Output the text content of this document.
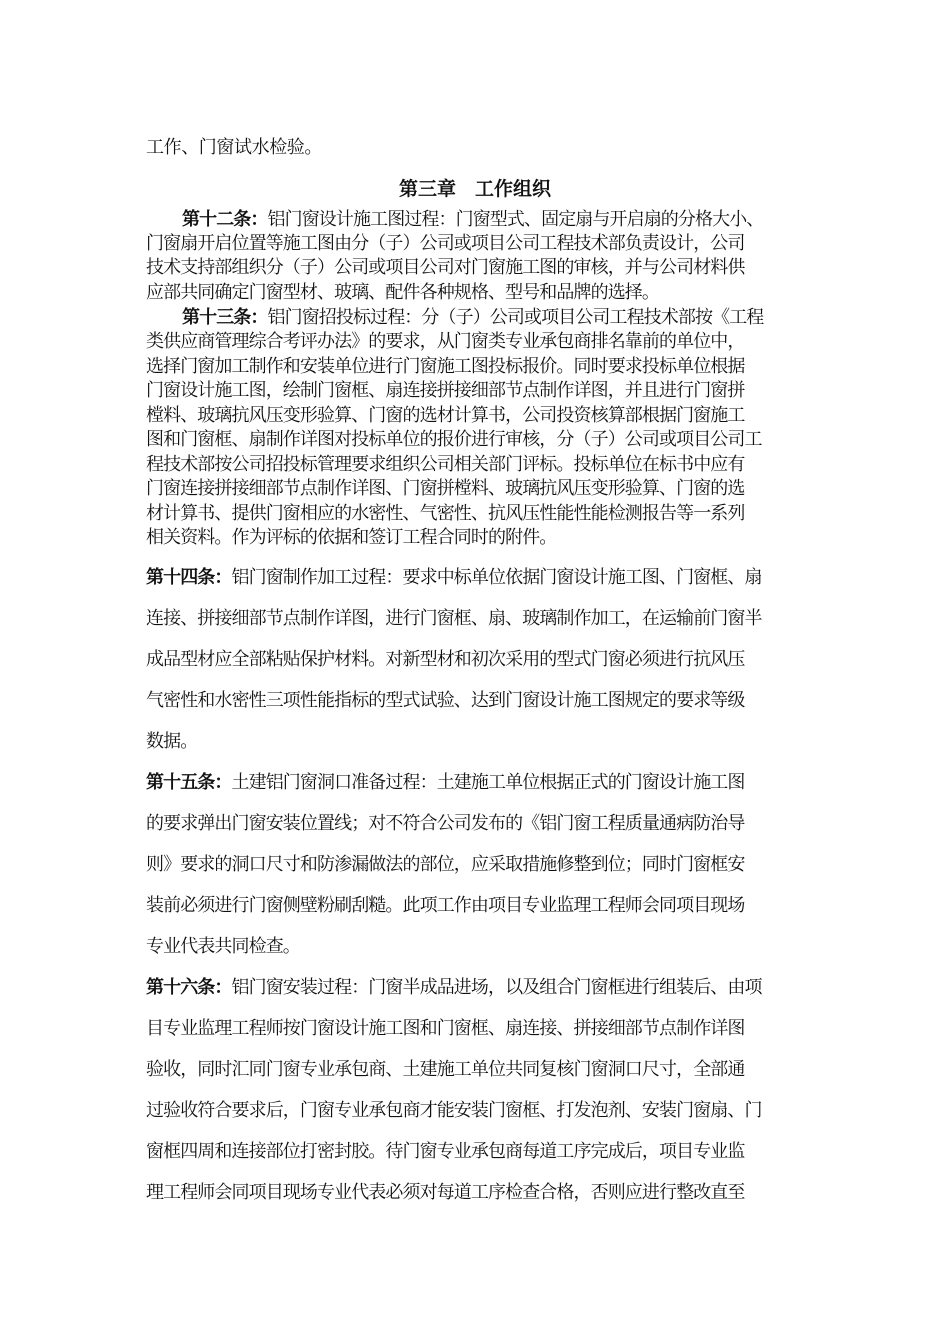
工作、门窗试水检验。
第三章　工作组织
第十二条：铝门窗设计施工图过程：门窗型式、固定扇与开启扇的分格大小、
门窗扇开启位置等施工图由分（子）公司或项目公司工程技术部负责设计，公司
技术支持部组织分（子）公司或项目公司对门窗施工图的审核，并与公司材料供
应部共同确定门窗型材、玻璃、配件各种规格、型号和品牌的选择。
第十三条：铝门窗招投标过程：分（子）公司或项目公司工程技术部按《工程
类供应商管理综合考评办法》的要求，从门窗类专业承包商排名靠前的单位中，
选择门窗加工制作和安装单位进行门窗施工图投标报价。同时要求投标单位根据
门窗设计施工图，绘制门窗框、扇连接拼接细部节点制作详图，并且进行门窗拼
樘料、玻璃抗风压变形验算、门窗的选材计算书，公司投资核算部根据门窗施工
图和门窗框、扇制作详图对投标单位的报价进行审核，分（子）公司或项目公司工
程技术部按公司招投标管理要求组织公司相关部门评标。投标单位在标书中应有
门窗连接拼接细部节点制作详图、门窗拼樘料、玻璃抗风压变形验算、门窗的选
材计算书、提供门窗相应的水密性、气密性、抗风压性能性能检测报告等一系列
相关资料。作为评标的依据和签订工程合同时的附件。
第十四条：铝门窗制作加工过程：要求中标单位依据门窗设计施工图、门窗框、扇
连接、拼接细部节点制作详图，进行门窗框、扇、玻璃制作加工，在运输前门窗半
成品型材应全部粘贴保护材料。对新型材和初次采用的型式门窗必须进行抗风压
气密性和水密性三项性能指标的型式试验、达到门窗设计施工图规定的要求等级
数据。
第十五条：土建铝门窗洞口准备过程：土建施工单位根据正式的门窗设计施工图
的要求弹出门窗安装位置线；对不符合公司发布的《铝门窗工程质量通病防治导
则》要求的洞口尺寸和防渗漏做法的部位，应采取措施修整到位；同时门窗框安
装前必须进行门窗侧壁粉刷刮糙。此项工作由项目专业监理工程师会同项目现场
专业代表共同检查。
第十六条：铝门窗安装过程：门窗半成品进场，以及组合门窗框进行组装后、由项
目专业监理工程师按门窗设计施工图和门窗框、扇连接、拼接细部节点制作详图
验收，同时汇同门窗专业承包商、土建施工单位共同复核门窗洞口尺寸，全部通
过验收符合要求后，门窗专业承包商才能安装门窗框、打发泡剂、安装门窗扇、门
窗框四周和连接部位打密封胶。待门窗专业承包商每道工序完成后，项目专业监
理工程师会同项目现场专业代表必须对每道工序检查合格，否则应进行整改直至
